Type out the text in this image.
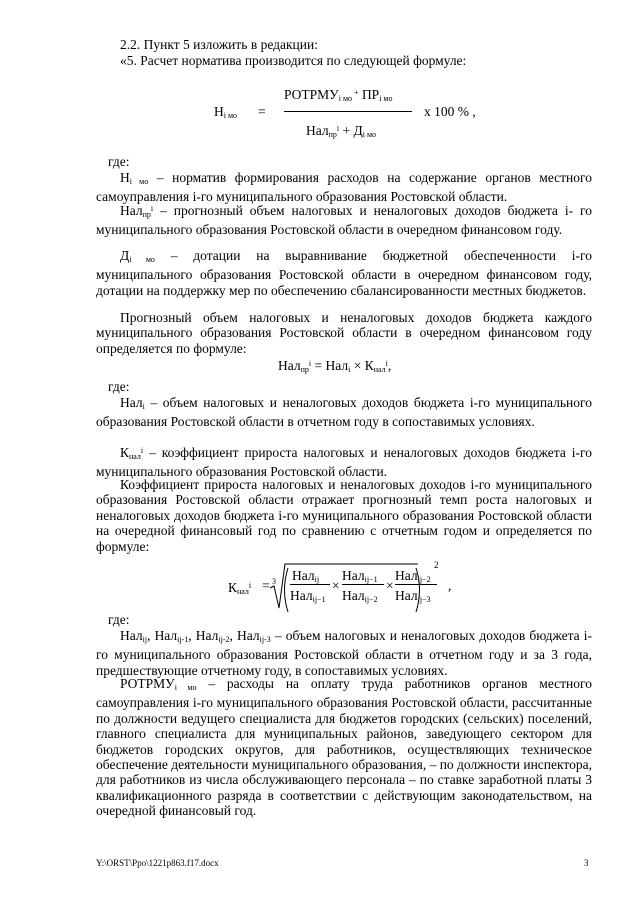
2.2. Пункт 5 изложить в редакции:

«5. Расчет норматива производится по следующей формуле:

$Н_{i мо}$ =
$РОТРМУ_{i мо}$ + $ПР_{i мо}$
$Нал_{пр}^i + Д_{i мо}$
х 100 % ,

где:

$Н_{i мо}$ – норматив формирования расходов на содержание органов местного самоуправления i-го муниципального образования Ростовской области.

Нал$_{пр}^i$ – прогнозный объем налоговых и неналоговых доходов бюджета i- го муниципального образования Ростовской области в очередном финансовом году.

$Д_{i мо}$ – дотации на выравнивание бюджетной обеспеченности i-го муниципального образования Ростовской области в очередном финансовом году, дотации на поддержку мер по обеспечению сбалансированности местных бюджетов.

Прогнозный объем налоговых и неналоговых доходов бюджета каждого муниципального образования Ростовской области в очередном финансовом году определяется по формуле:

$Нал_{пр}^i = Нал_i \times К_{нал}^i$,

где:

Нал$_i$ – объем налоговых и неналоговых доходов бюджета i-го муниципального образования Ростовской области в отчетном году в сопоставимых условиях.

$К_{нал}^i$ – коэффициент прироста налоговых и неналоговых доходов бюджета i-го муниципального образования Ростовской области.

Коэффициент прироста налоговых и неналоговых доходов i-го муниципального образования Ростовской области отражает прогнозный темп роста налоговых и неналоговых доходов бюджета i-го муниципального образования Ростовской области на очередной финансовый год по сравнению с отчетным годом и определяется по формуле:

$К_{нал}^i = 3$ Нал$_{ij}$
Нал$_{ij-1}$
×
Нал$_{ij-1}$
Нал$_{ij-2}$
×
Нал$_{ij-2}$
Нал$_{ij-3}$
2
,

где:

Нал$_{ij}$, Нал$_{ij-1}$, Нал$_{ij-2}$, Нал$_{ij-3}$ – объем налоговых и неналоговых доходов бюджета i-го муниципального образования Ростовской области в отчетном году и за 3 года, предшествующие отчетному году, в сопоставимых условиях.

$РОТРМУ_{i мо}$ – расходы на оплату труда работников органов местного самоуправления i-го муниципального образования Ростовской области, рассчитанные по должности ведущего специалиста для бюджетов городских (сельских) поселений, главного специалиста для муниципальных районов, заведующего сектором для бюджетов городских округов, для работников, осуществляющих техническое обеспечение деятельности муниципального образования, – по должности инспектора, для работников из числа обслуживающего персонала – по ставке заработной платы 3 квалификационного разряда в соответствии с действующим законодательством, на очередной финансовый год.

Y:\ORST\Ppo\1221p863.f17.docx	3
